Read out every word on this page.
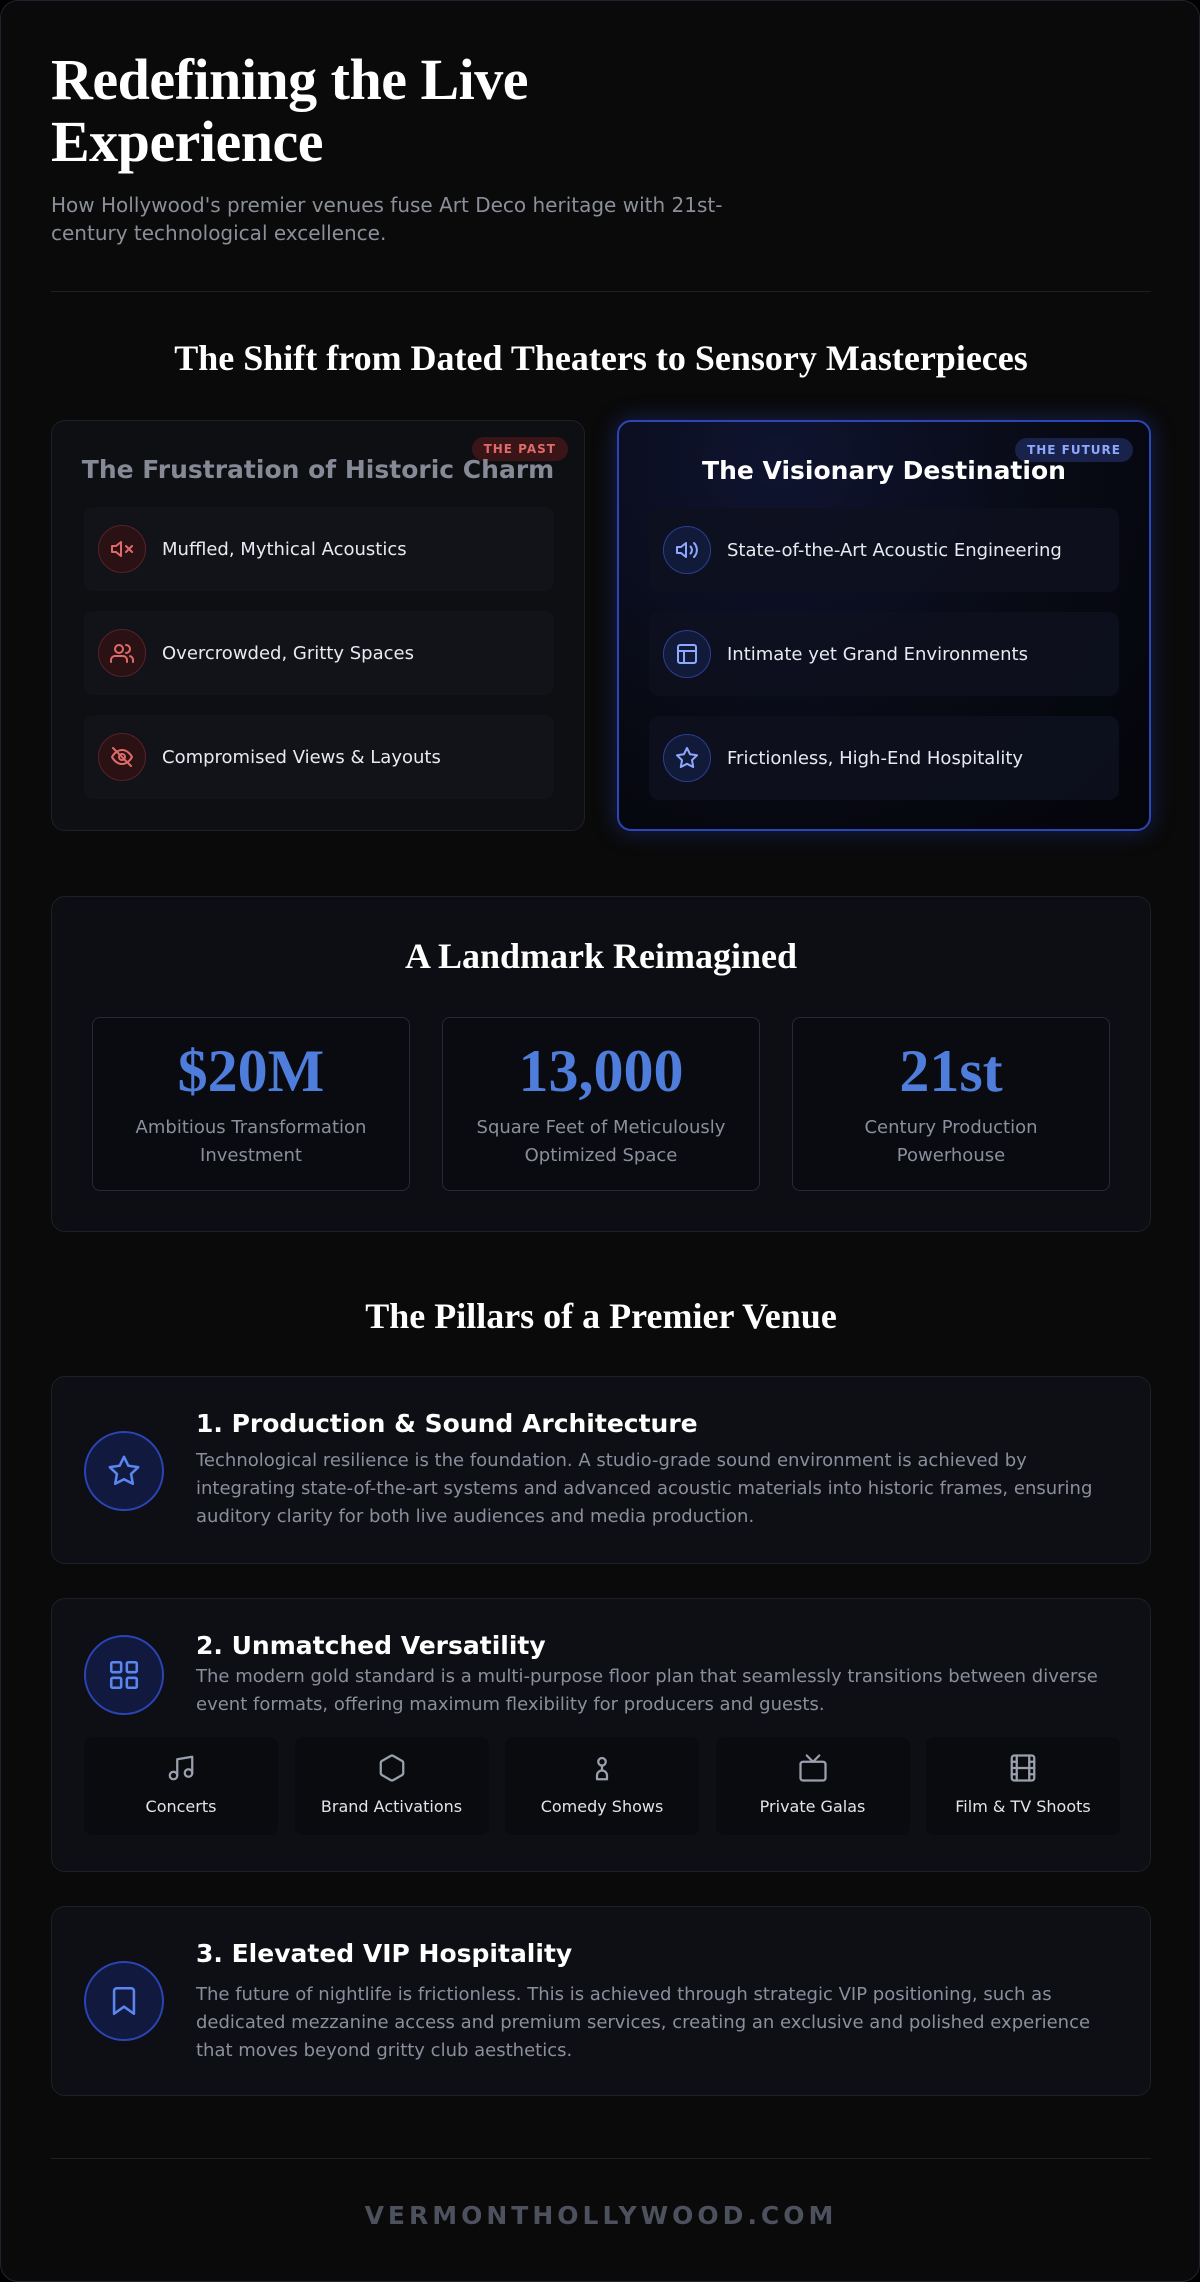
Redefining the Live Experience

How Hollywood's premier venues fuse Art Deco heritage with 21st-century technological excellence.

The Shift from Dated Theaters to Sensory Masterpieces
THE PAST
The Frustration of Historic Charm
Muffled, Mythical Acoustics
Overcrowded, Gritty Spaces
Compromised Views & Layouts
THE FUTURE
The Visionary Destination
State-of-the-Art Acoustic Engineering
Intimate yet Grand Environments
Frictionless, High-End Hospitality
A Landmark Reimagined
$20M
Ambitious Transformation Investment
13,000
Square Feet of Meticulously Optimized Space
21st
Century Production Powerhouse
The Pillars of a Premier Venue
1. Production & Sound Architecture
Technological resilience is the foundation. A studio-grade sound environment is achieved by integrating state-of-the-art systems and advanced acoustic materials into historic frames, ensuring auditory clarity for both live audiences and media production.
2. Unmatched Versatility
The modern gold standard is a multi-purpose floor plan that seamlessly transitions between diverse event formats, offering maximum flexibility for producers and guests.
Concerts	Brand Activations	Comedy Shows	Private Galas	Film & TV Shoots
3. Elevated VIP Hospitality
The future of nightlife is frictionless. This is achieved through strategic VIP positioning, such as dedicated mezzanine access and premium services, creating an exclusive and polished experience that moves beyond gritty club aesthetics.
VERMONTHOLLYWOOD.COM
